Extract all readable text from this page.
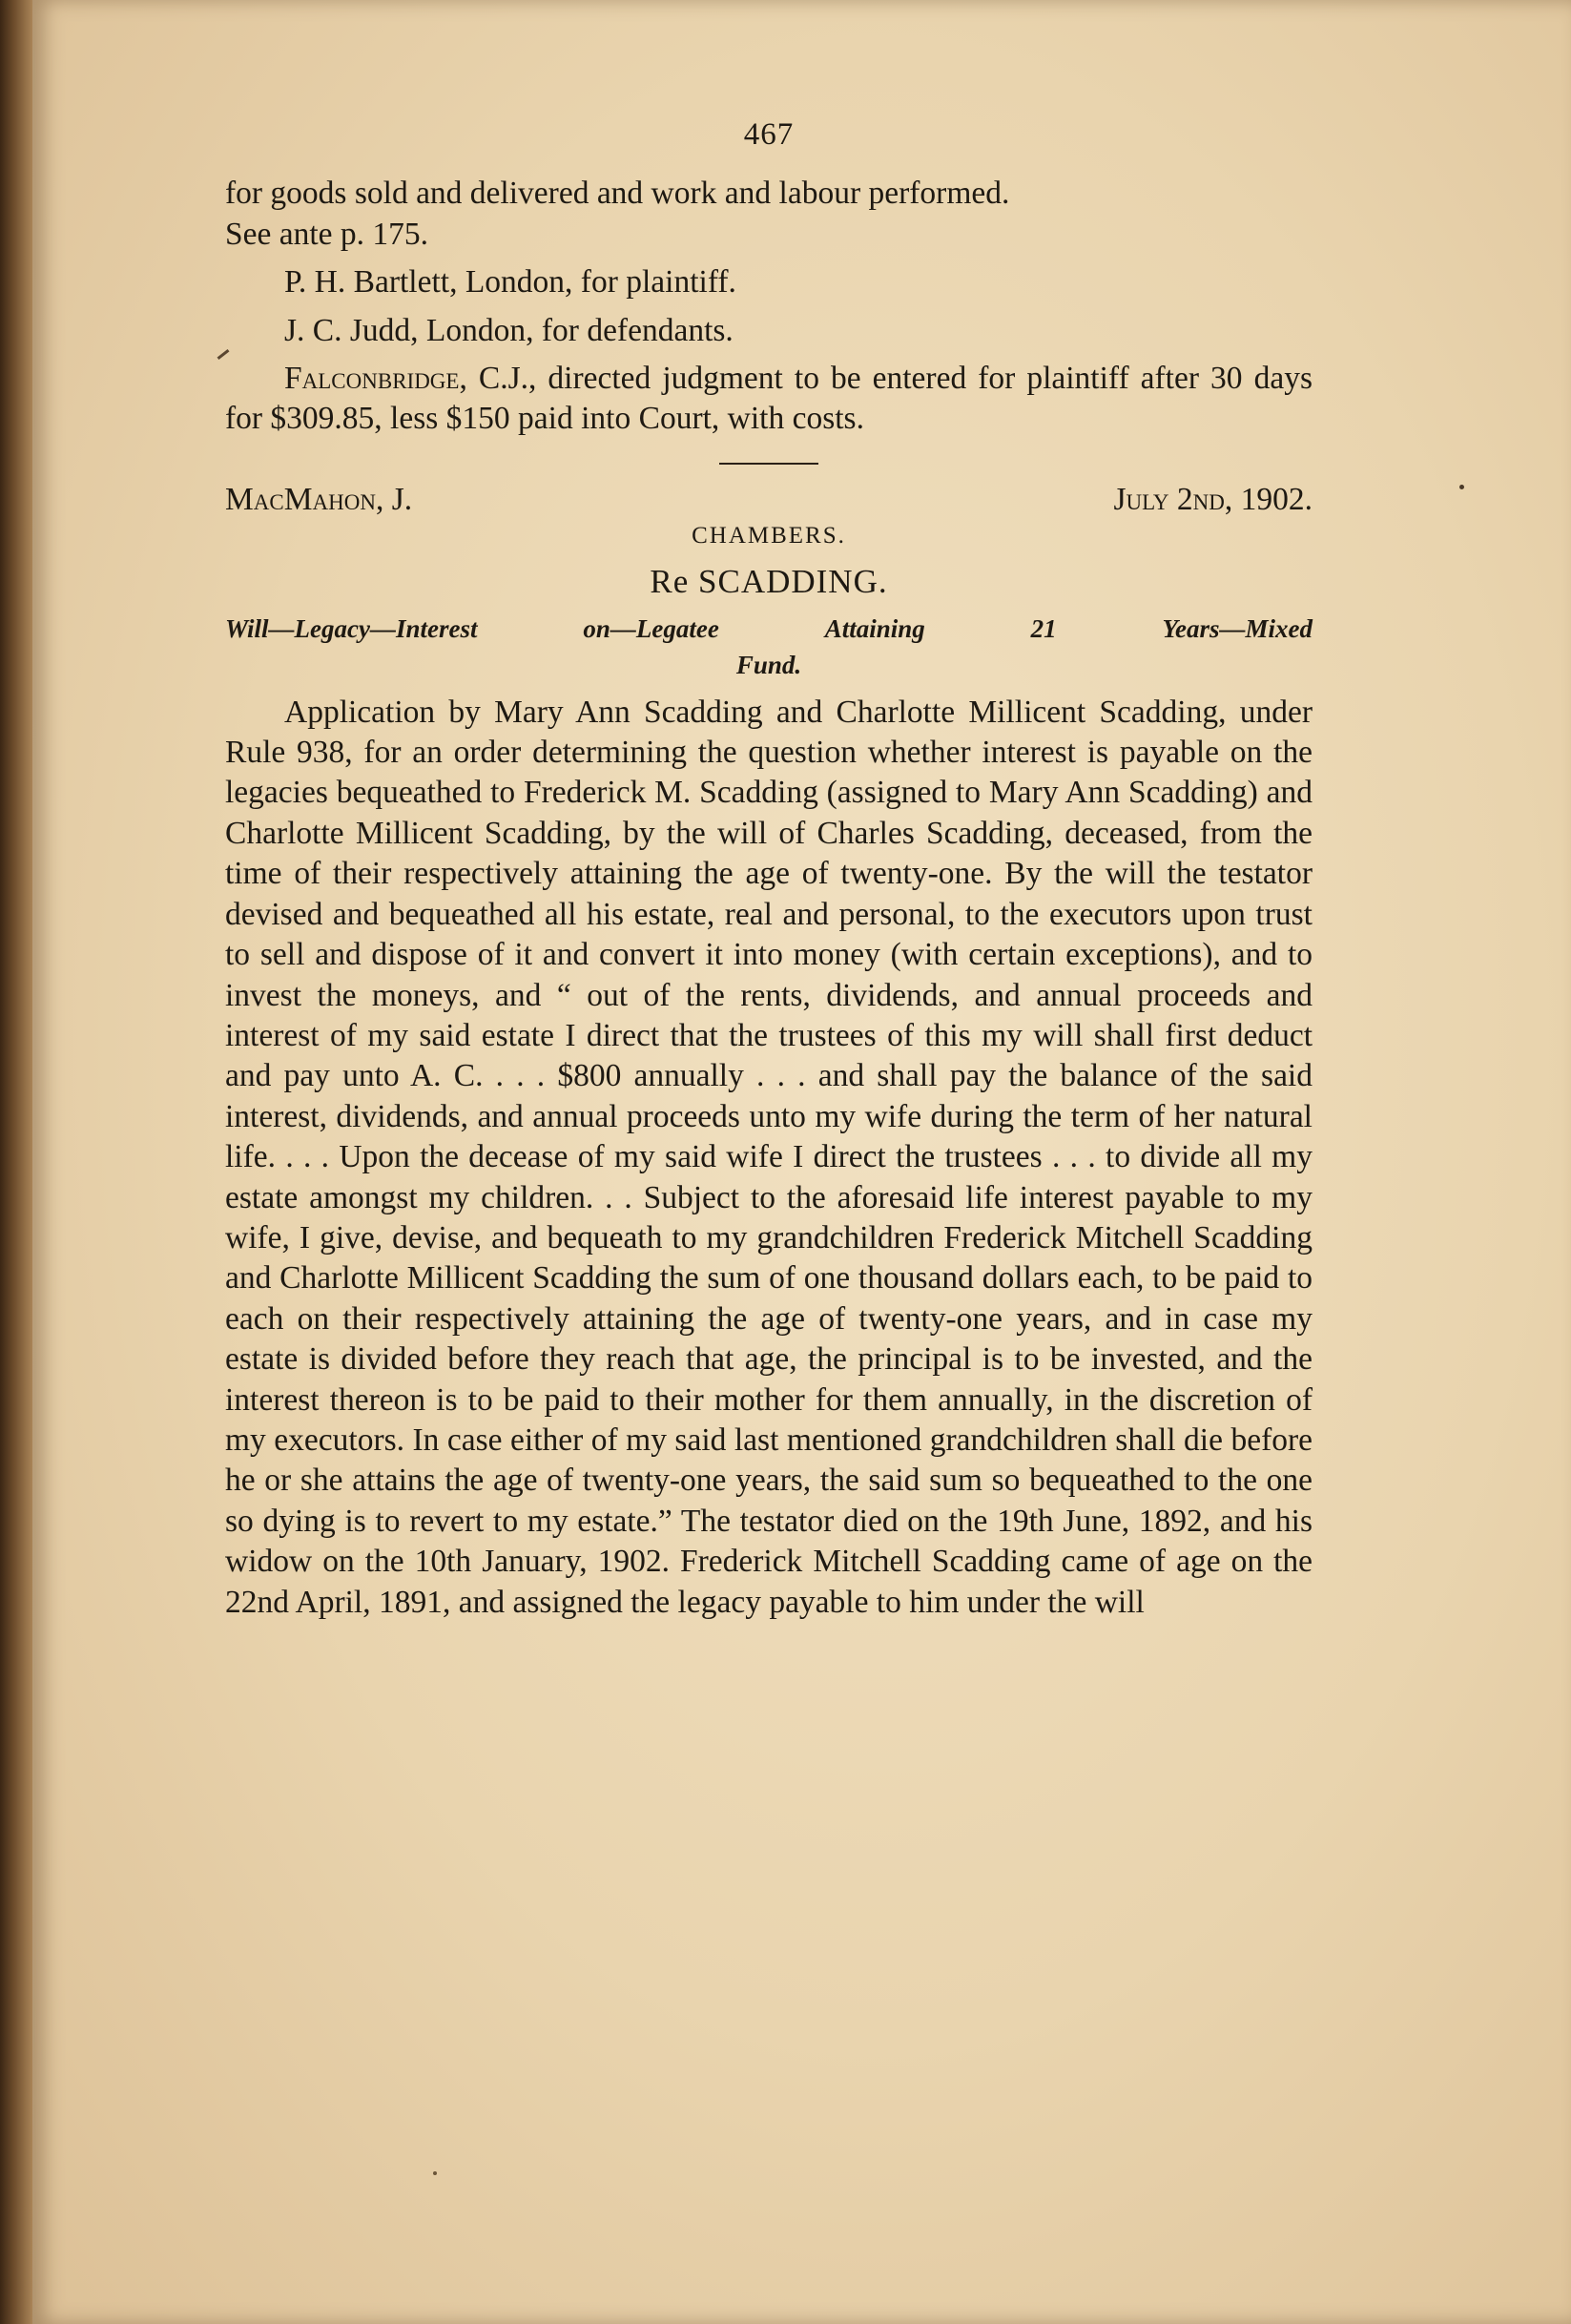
467

for goods sold and delivered and work and labour performed.

See ante p. 175.

P. H. Bartlett, London, for plaintiff.

J. C. Judd, London, for defendants.

Falconbridge, C.J., directed judgment to be entered for plaintiff after 30 days for $309.85, less $150 paid into Court, with costs.

MacMahon, J.	July 2nd, 1902.
CHAMBERS.
Re SCADDING.
Will—Legacy—Interest	on—Legatee	Attaining	21	Years—Mixed
Fund.

Application by Mary Ann Scadding and Charlotte Millicent Scadding, under Rule 938, for an order determining the question whether interest is payable on the legacies bequeathed to Frederick M. Scadding (assigned to Mary Ann Scadding) and Charlotte Millicent Scadding, by the will of Charles Scadding, deceased, from the time of their respectively attaining the age of twenty-one. By the will the testator devised and bequeathed all his estate, real and personal, to the executors upon trust to sell and dispose of it and convert it into money (with certain exceptions), and to invest the moneys, and “ out of the rents, dividends, and annual proceeds and interest of my said estate I direct that the trustees of this my will shall first deduct and pay unto A. C. . . . $800 annually . . . and shall pay the balance of the said interest, dividends, and annual proceeds unto my wife during the term of her natural life. . . . Upon the decease of my said wife I direct the trustees . . . to divide all my estate amongst my children. . . Subject to the aforesaid life interest payable to my wife, I give, devise, and bequeath to my grandchildren Frederick Mitchell Scadding and Charlotte Millicent Scadding the sum of one thousand dollars each, to be paid to each on their respectively attaining the age of twenty-one years, and in case my estate is divided before they reach that age, the principal is to be invested, and the interest thereon is to be paid to their mother for them annually, in the discretion of my executors. In case either of my said last mentioned grandchildren shall die before he or she attains the age of twenty-one years, the said sum so bequeathed to the one so dying is to revert to my estate.” The testator died on the 19th June, 1892, and his widow on the 10th January, 1902. Frederick Mitchell Scadding came of age on the 22nd April, 1891, and assigned the legacy payable to him under the will
